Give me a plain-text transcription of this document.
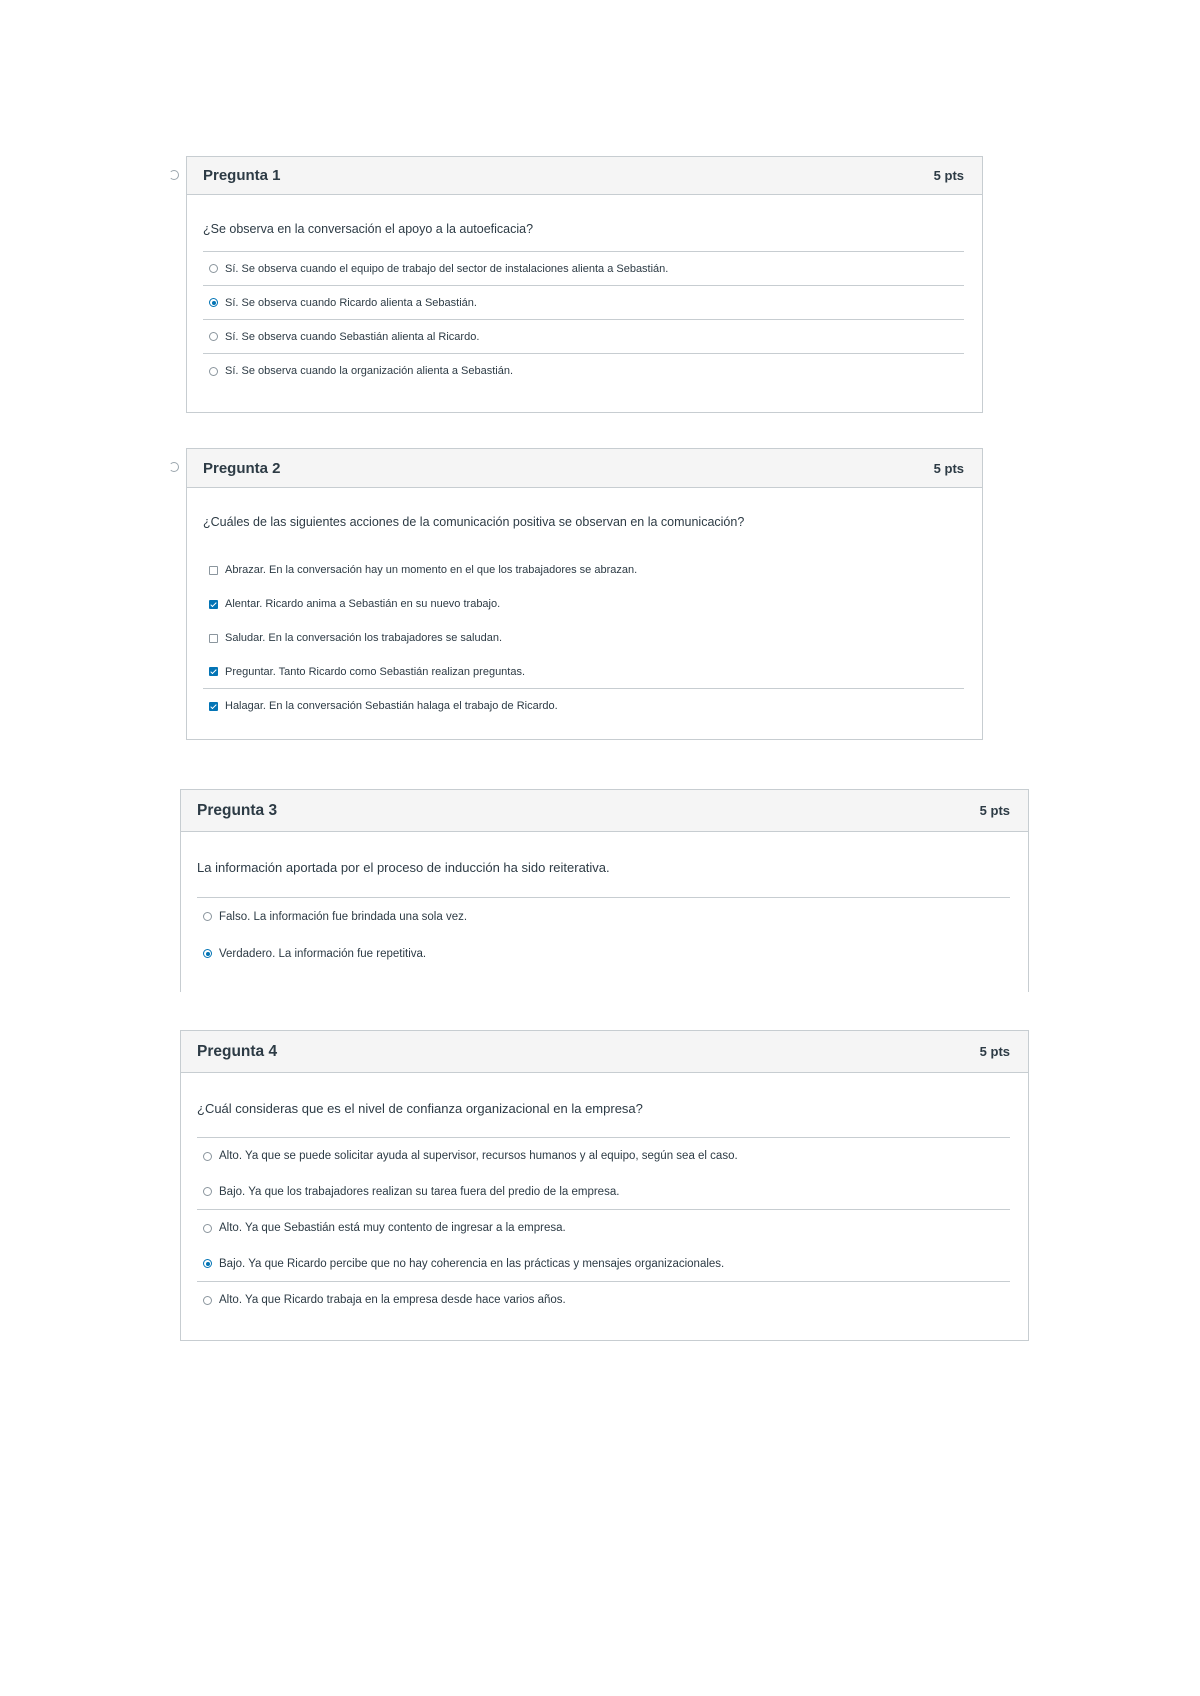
Pregunta 1	5 pts
¿Se observa en la conversación el apoyo a la autoeficacia?
Sí. Se observa cuando el equipo de trabajo del sector de instalaciones alienta a Sebastián.
Sí. Se observa cuando Ricardo alienta a Sebastián.
Sí. Se observa cuando Sebastián alienta al Ricardo.
Sí. Se observa cuando la organización alienta a Sebastián.
Pregunta 2	5 pts
¿Cuáles de las siguientes acciones de la comunicación positiva se observan en la comunicación?
Abrazar. En la conversación hay un momento en el que los trabajadores se abrazan.
Alentar. Ricardo anima a Sebastián en su nuevo trabajo.
Saludar. En la conversación los trabajadores se saludan.
Preguntar. Tanto Ricardo como Sebastián realizan preguntas.
Halagar. En la conversación Sebastián halaga el trabajo de Ricardo.
Pregunta 3	5 pts
La información aportada por el proceso de inducción ha sido reiterativa.
Falso. La información fue brindada una sola vez.
Verdadero. La información fue repetitiva.
Pregunta 4	5 pts
¿Cuál consideras que es el nivel de confianza organizacional en la empresa?
Alto. Ya que se puede solicitar ayuda al supervisor, recursos humanos y al equipo, según sea el caso.
Bajo. Ya que los trabajadores realizan su tarea fuera del predio de la empresa.
Alto. Ya que Sebastián está muy contento de ingresar a la empresa.
Bajo. Ya que Ricardo percibe que no hay coherencia en las prácticas y mensajes organizacionales.
Alto. Ya que Ricardo trabaja en la empresa desde hace varios años.
